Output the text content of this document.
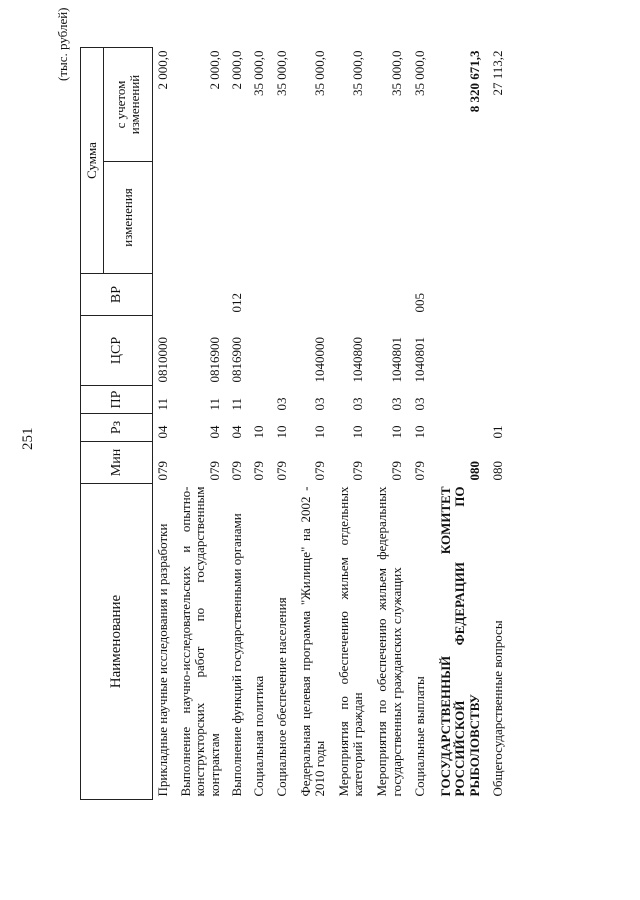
251
(тыс. рублей)
Наименование	Мин	Рз	ПР	ЦСР	ВР	Сумма	
						изменения	с учетом изменений
Прикладные научные исследования и разработки	079	04	11	0810000			2 000,0
Выполнение научно-исследовательских и опытно-конструкторских работ по государственным контрактам	079	04	11	0816900			2 000,0
Выполнение функций государственными органами	079	04	11	0816900	012		2 000,0
Социальная политика	079	10					35 000,0
Социальное обеспечение населения	079	10	03				35 000,0
Федеральная целевая программа "Жилище" на 2002 - 2010 годы	079	10	03	1040000			35 000,0
Мероприятия по обеспечению жильем отдельных категорий граждан	079	10	03	1040800			35 000,0
Мероприятия по обеспечению жильем федеральных государственных гражданских служащих	079	10	03	1040801			35 000,0
Социальные выплаты	079	10	03	1040801	005		35 000,0
ГОСУДАРСТВЕННЫЙ КОМИТЕТ РОССИЙСКОЙ ФЕДЕРАЦИИ ПО РЫБОЛОВСТВУ	080						8 320 671,3
Общегосударственные вопросы	080	01					27 113,2
